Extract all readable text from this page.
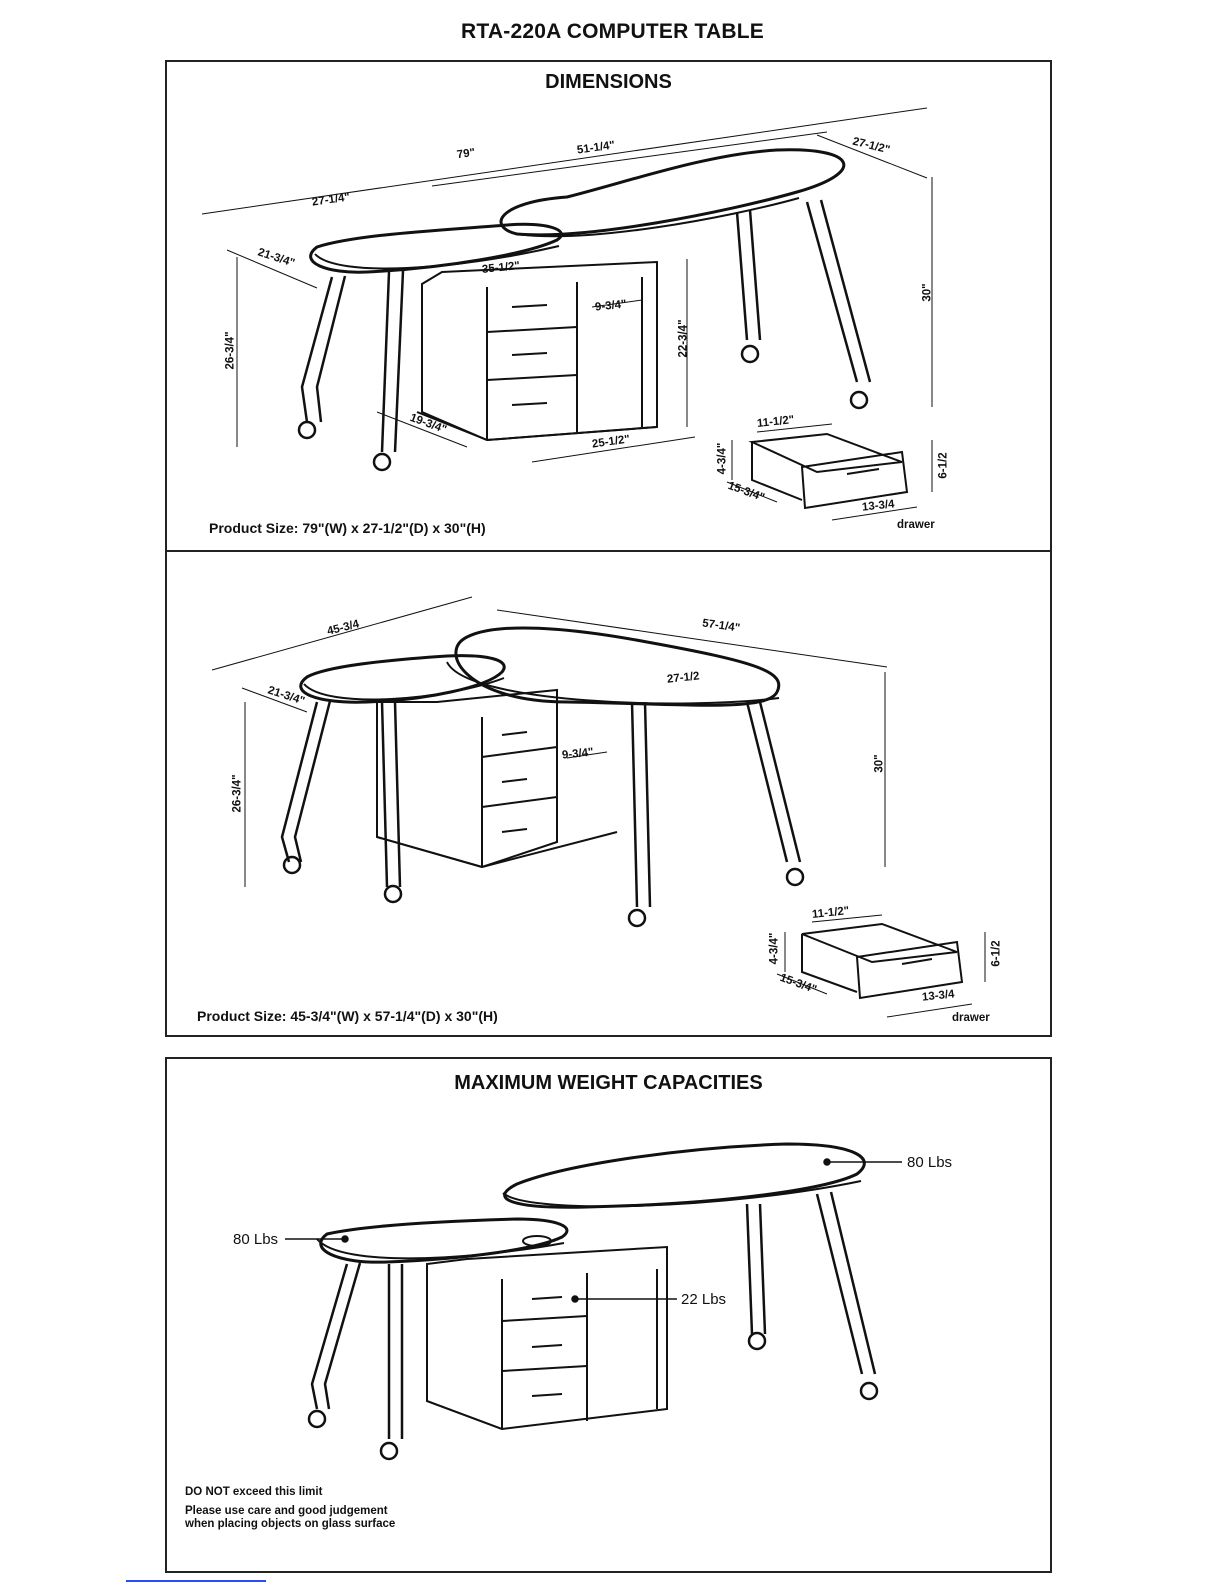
RTA-220A COMPUTER TABLE
DIMENSIONS
Product Size: 79"(W) x 27-1/2"(D) x 30"(H)
79"	51-1/4"	27-1/2"
27-1/4"
21-3/4"	35-1/2"
9-3/4"
22-3/4"
19-3/4"
25-1/2"
26-3/4"
30"
11-1/2"
4-3/4"
15-3/4"
6-1/2
13-3/4
drawer
Product Size: 45-3/4"(W) x 57-1/4"(D) x 30"(H)
45-3/4	57-1/4"
27-1/2
21-3/4"
9-3/4"
26-3/4"
30"
11-1/2"
4-3/4"
15-3/4"
6-1/2
13-3/4
drawer
MAXIMUM WEIGHT CAPACITIES
80 Lbs
80 Lbs
22 Lbs
DO NOT exceed this limit
Please use care and good judgement
when placing objects on glass surface
